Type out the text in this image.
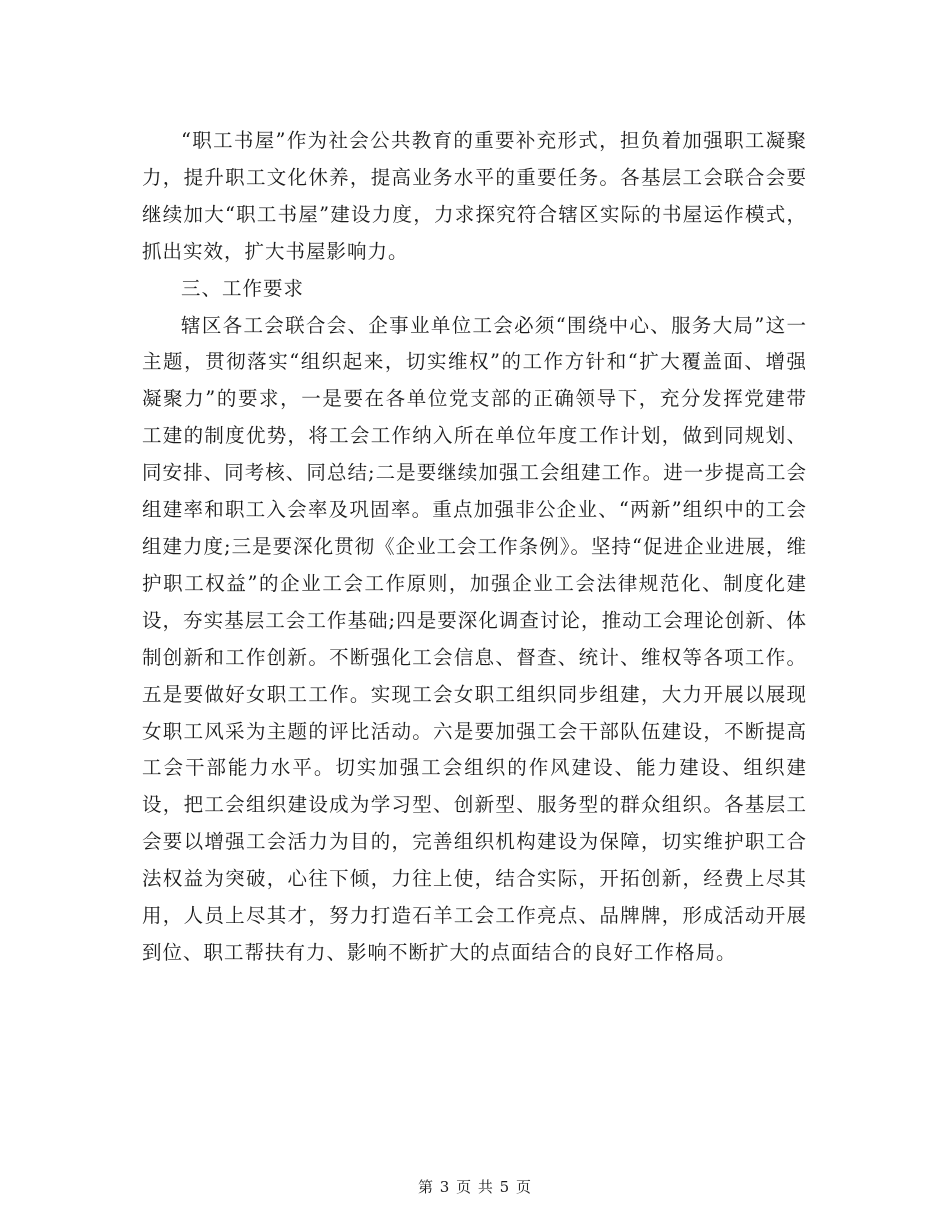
“职工书屋”作为社会公共教育的重要补充形式，担负着加强职工凝聚力，提升职工文化休养，提高业务水平的重要任务。各基层工会联合会要继续加大“职工书屋”建设力度，力求探究符合辖区实际的书屋运作模式，抓出实效，扩大书屋影响力。

三、工作要求

辖区各工会联合会、企事业单位工会必须“围绕中心、服务大局”这一主题，贯彻落实“组织起来，切实维权”的工作方针和“扩大覆盖面、增强凝聚力”的要求，一是要在各单位党支部的正确领导下，充分发挥党建带工建的制度优势，将工会工作纳入所在单位年度工作计划，做到同规划、同安排、同考核、同总结;二是要继续加强工会组建工作。进一步提高工会组建率和职工入会率及巩固率。重点加强非公企业、“两新”组织中的工会组建力度;三是要深化贯彻《企业工会工作条例》。坚持“促进企业进展，维护职工权益”的企业工会工作原则，加强企业工会法律规范化、制度化建设，夯实基层工会工作基础;四是要深化调查讨论，推动工会理论创新、体制创新和工作创新。不断强化工会信息、督查、统计、维权等各项工作。五是要做好女职工工作。实现工会女职工组织同步组建，大力开展以展现女职工风采为主题的评比活动。六是要加强工会干部队伍建设，不断提高工会干部能力水平。切实加强工会组织的作风建设、能力建设、组织建设，把工会组织建设成为学习型、创新型、服务型的群众组织。各基层工会要以增强工会活力为目的，完善组织机构建设为保障，切实维护职工合法权益为突破，心往下倾，力往上使，结合实际，开拓创新，经费上尽其用，人员上尽其才，努力打造石羊工会工作亮点、品牌牌，形成活动开展到位、职工帮扶有力、影响不断扩大的点面结合的良好工作格局。

第 3 页 共 5 页
